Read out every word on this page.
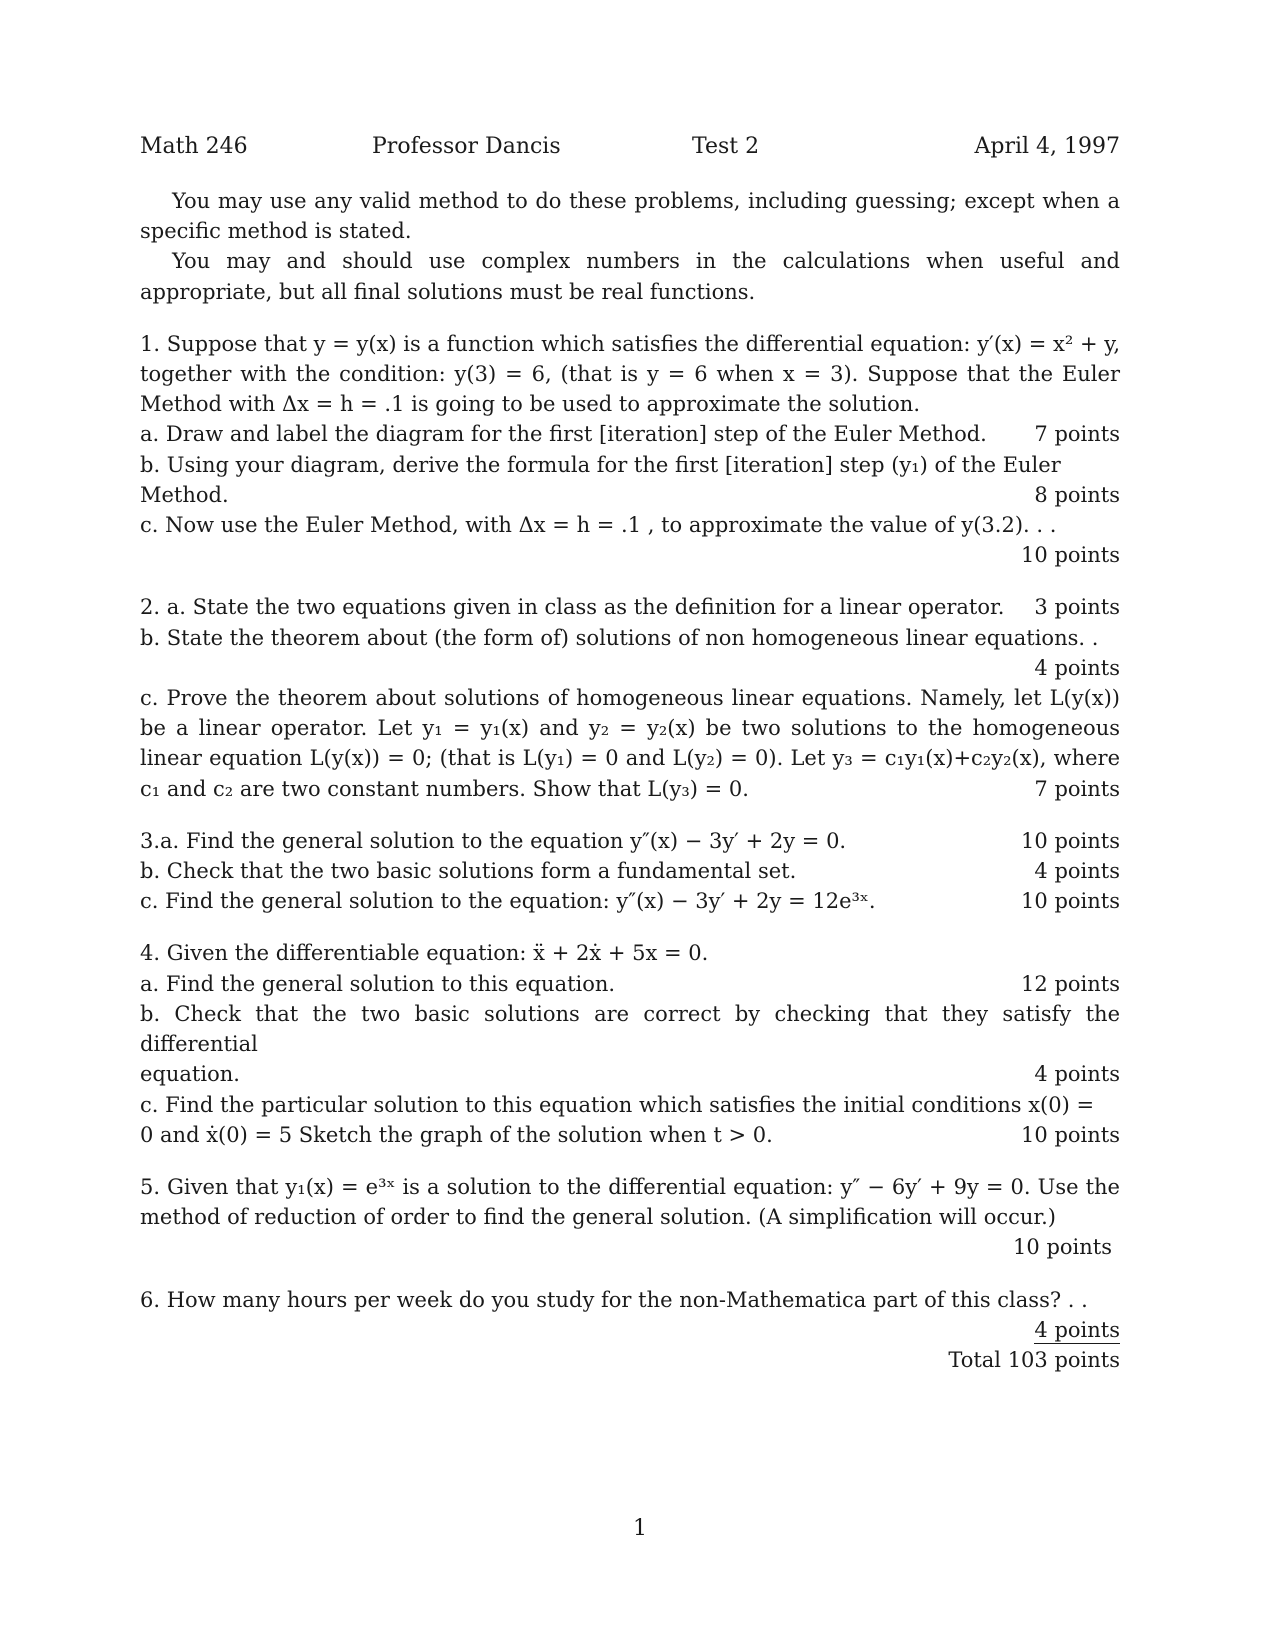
Math 246	Professor Dancis	Test 2	April 4, 1997

You may use any valid method to do these problems, including guessing; except when a specific method is stated.

You may and should use complex numbers in the calculations when useful and appropriate, but all final solutions must be real functions.

1. Suppose that y = y(x) is a function which satisfies the differential equation: y′(x) = x² + y, together with the condition: y(3) = 6, (that is y = 6 when x = 3). Suppose that the Euler Method with Δx = h = .1 is going to be used to approximate the solution.

a. Draw and label the diagram for the first [iteration] step of the Euler Method. 7 points

b. Using your diagram, derive the formula for the first [iteration] step (y₁) of the Euler

Method.	8 points

c. Now use the Euler Method, with Δx = h = .1 , to approximate the value of y(3.2). . .

10 points

2. a. State the two equations given in class as the definition for a linear operator. 3 points

b. State the theorem about (the form of) solutions of non homogeneous linear equations. .

4 points

c. Prove the theorem about solutions of homogeneous linear equations. Namely, let L(y(x)) be a linear operator. Let y₁ = y₁(x) and y₂ = y₂(x) be two solutions to the homogeneous linear equation L(y(x)) = 0; (that is L(y₁) = 0 and L(y₂) = 0). Let y₃ = c₁y₁(x)+c₂y₂(x), where c₁ and c₂ are two constant numbers. Show that L(y₃) = 0.	7 points

3.a. Find the general solution to the equation y″(x) − 3y′ + 2y = 0.	10 points
b. Check that the two basic solutions form a fundamental set.	4 points
c. Find the general solution to the equation: y″(x) − 3y′ + 2y = 12e³ˣ.	10 points

4. Given the differentiable equation: ẍ + 2ẋ + 5x = 0.

a. Find the general solution to this equation.	12 points

b. Check that the two basic solutions are correct by checking that they satisfy the differential

equation.	4 points

c. Find the particular solution to this equation which satisfies the initial conditions x(0) =

0 and ẋ(0) = 5 Sketch the graph of the solution when t > 0.	10 points

5. Given that y₁(x) = e³ˣ is a solution to the differential equation: y″ − 6y′ + 9y = 0. Use the method of reduction of order to find the general solution. (A simplification will occur.)

10 points

6. How many hours per week do you study for the non-Mathematica part of this class? . .

4 points

Total 103 points

1
